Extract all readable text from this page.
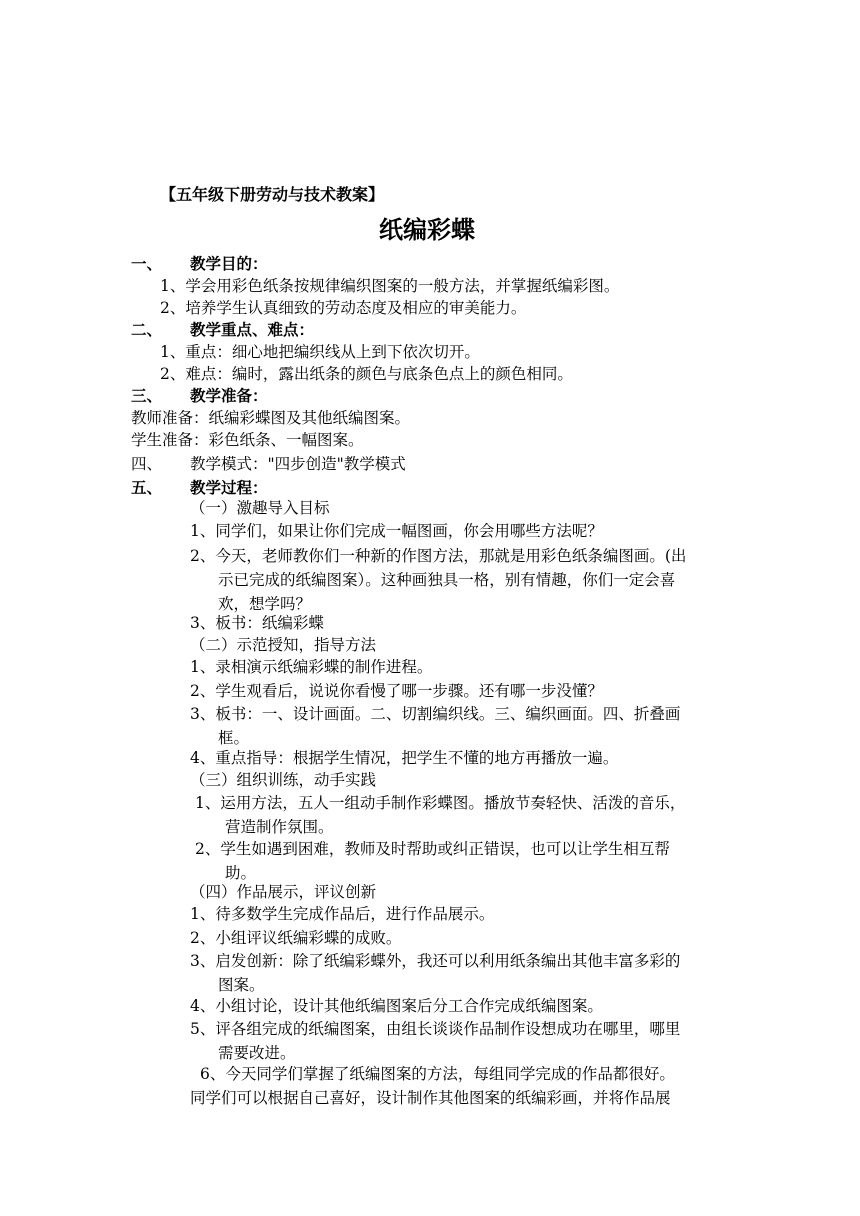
【五年级下册劳动与技术教案】
纸编彩蝶
一、 教学目的：
1、学会用彩色纸条按规律编织图案的一般方法，并掌握纸编彩图。
2、培养学生认真细致的劳动态度及相应的审美能力。
二、 教学重点、难点：
1、重点：细心地把编织线从上到下依次切开。
2、难点：编时，露出纸条的颜色与底条色点上的颜色相同。
三、 教学准备：
教师准备：纸编彩蝶图及其他纸编图案。
学生准备：彩色纸条、一幅图案。
四、 教学模式："四步创造"教学模式
五、 教学过程：
（一）激趣导入目标
1、同学们，如果让你们完成一幅图画，你会用哪些方法呢？
2、今天，老师教你们一种新的作图方法，那就是用彩色纸条编图画。(出
示已完成的纸编图案）。这种画独具一格，别有情趣，你们一定会喜
欢，想学吗？
3、板书：纸编彩蝶
（二）示范授知，指导方法
1、录相演示纸编彩蝶的制作进程。
2、学生观看后，说说你看慢了哪一步骤。还有哪一步没懂？
3、板书：一、设计画面。二、切割编织线。三、编织画面。四、折叠画
框。
4、重点指导：根据学生情况，把学生不懂的地方再播放一遍。
（三）组织训练，动手实践
1、运用方法，五人一组动手制作彩蝶图。播放节奏轻快、活泼的音乐，
营造制作氛围。
2、学生如遇到困难，教师及时帮助或纠正错误，也可以让学生相互帮
助。
（四）作品展示，评议创新
1、待多数学生完成作品后，进行作品展示。
2、小组评议纸编彩蝶的成败。
3、启发创新：除了纸编彩蝶外，我还可以利用纸条编出其他丰富多彩的
图案。
4、小组讨论，设计其他纸编图案后分工合作完成纸编图案。
5、评各组完成的纸编图案，由组长谈谈作品制作设想成功在哪里，哪里
需要改进。
6、今天同学们掌握了纸编图案的方法，每组同学完成的作品都很好。
同学们可以根据自己喜好，设计制作其他图案的纸编彩画，并将作品展
